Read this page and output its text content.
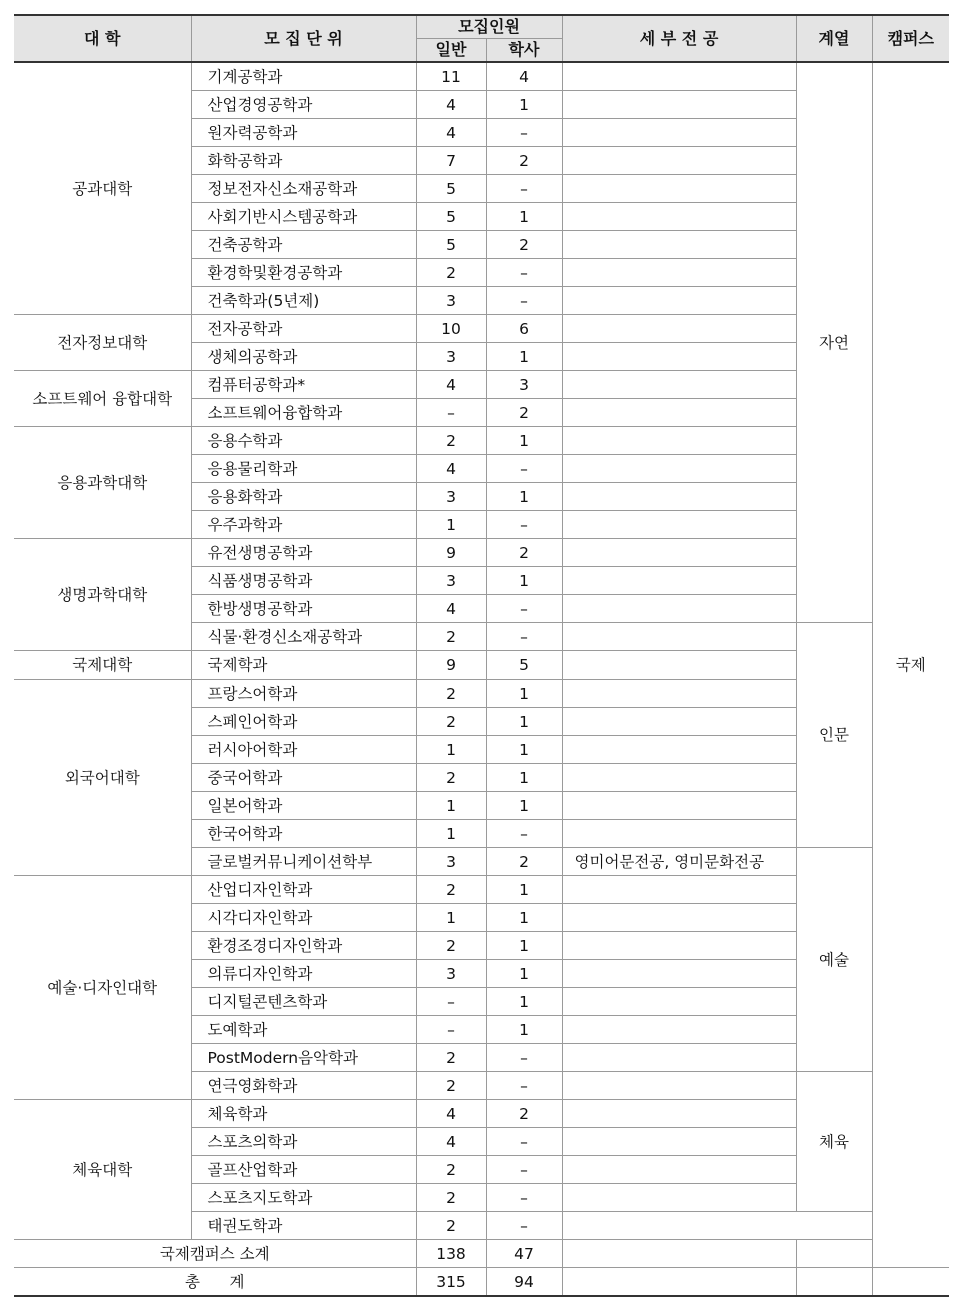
대 학	모 집 단 위	모집인원		세 부 전 공	계열	캠퍼스
		일반	학사			
공과대학	기계공학과	11	4		자연	국제
	산업경영공학과	4	1			
	원자력공학과	4	–			
	화학공학과	7	2			
	정보전자신소재공학과	5	–			
	사회기반시스템공학과	5	1			
	건축공학과	5	2			
	환경학및환경공학과	2	–			
	건축학과(5년제)	3	–			
전자정보대학	전자공학과	10	6			
	생체의공학과	3	1			
소프트웨어 융합대학	컴퓨터공학과*	4	3			
	소프트웨어융합학과	–	2			
응용과학대학	응용수학과	2	1			
	응용물리학과	4	–			
	응용화학과	3	1			
	우주과학과	1	–			
생명과학대학	유전생명공학과	9	2			
	식품생명공학과	3	1			
	한방생명공학과	4	–			
	식물·환경신소재공학과	2	–		인문	
국제대학	국제학과	9	5			
외국어대학	프랑스어학과	2	1			
	스페인어학과	2	1			
	러시아어학과	1	1			
	중국어학과	2	1			
	일본어학과	1	1			
	한국어학과	1	–			
	글로벌커뮤니케이션학부	3	2	영미어문전공, 영미문화전공	예술	
예술·디자인대학	산업디자인학과	2	1			
	시각디자인학과	1	1			
	환경조경디자인학과	2	1			
	의류디자인학과	3	1			
	디지털콘텐츠학과	–	1			
	도예학과	–	1			
	PostModern음악학과	2	–			
	연극영화학과	2	–		체육	
체육대학	체육학과	4	2			
	스포츠의학과	4	–			
	골프산업학과	2	–			
	스포츠지도학과	2	–			
	태권도학과	2	–			
국제캠퍼스 소계		138	47			
총      계		315	94			
